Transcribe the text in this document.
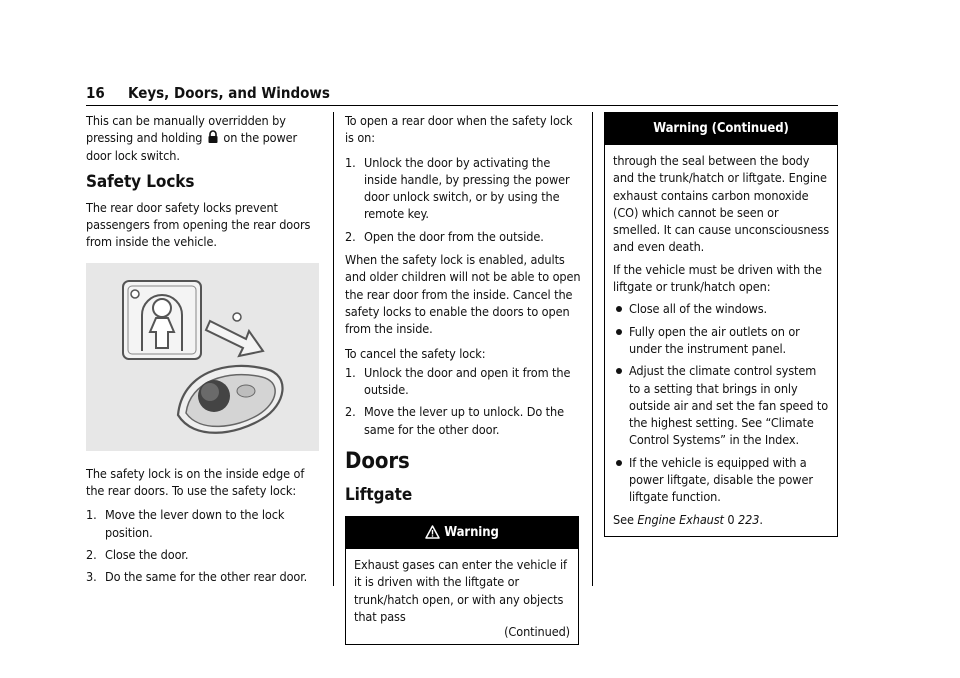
16 Keys, Doors, and Windows

This can be manually overridden by pressing and holding on the power door lock switch.

Safety Locks

The rear door safety locks prevent passengers from opening the rear doors from inside the vehicle.

The safety lock is on the inside edge of the rear doors. To use the safety lock:

1. Move the lever down to the lock position.
2. Close the door.
3. Do the same for the other rear door.

To open a rear door when the safety lock is on:

1. Unlock the door by activating the inside handle, by pressing the power door unlock switch, or by using the remote key.
2. Open the door from the outside.

When the safety lock is enabled, adults and older children will not be able to open the rear door from the inside. Cancel the safety locks to enable the doors to open from the inside.

To cancel the safety lock:

1. Unlock the door and open it from the outside.
2. Move the lever up to unlock. Do the same for the other door.
Doors
Liftgate
Warning

Exhaust gases can enter the vehicle if it is driven with the liftgate or trunk/hatch open, or with any objects that pass

(Continued)
Warning (Continued)

through the seal between the body and the trunk/hatch or liftgate. Engine exhaust contains carbon monoxide (CO) which cannot be seen or smelled. It can cause unconsciousness and even death.

If the vehicle must be driven with the liftgate or trunk/hatch open:

Close all of the windows.
Fully open the air outlets on or under the instrument panel.
Adjust the climate control system to a setting that brings in only outside air and set the fan speed to the highest setting. See “Climate Control Systems” in the Index.
If the vehicle is equipped with a power liftgate, disable the power liftgate function.

See Engine Exhaust 0 223.
